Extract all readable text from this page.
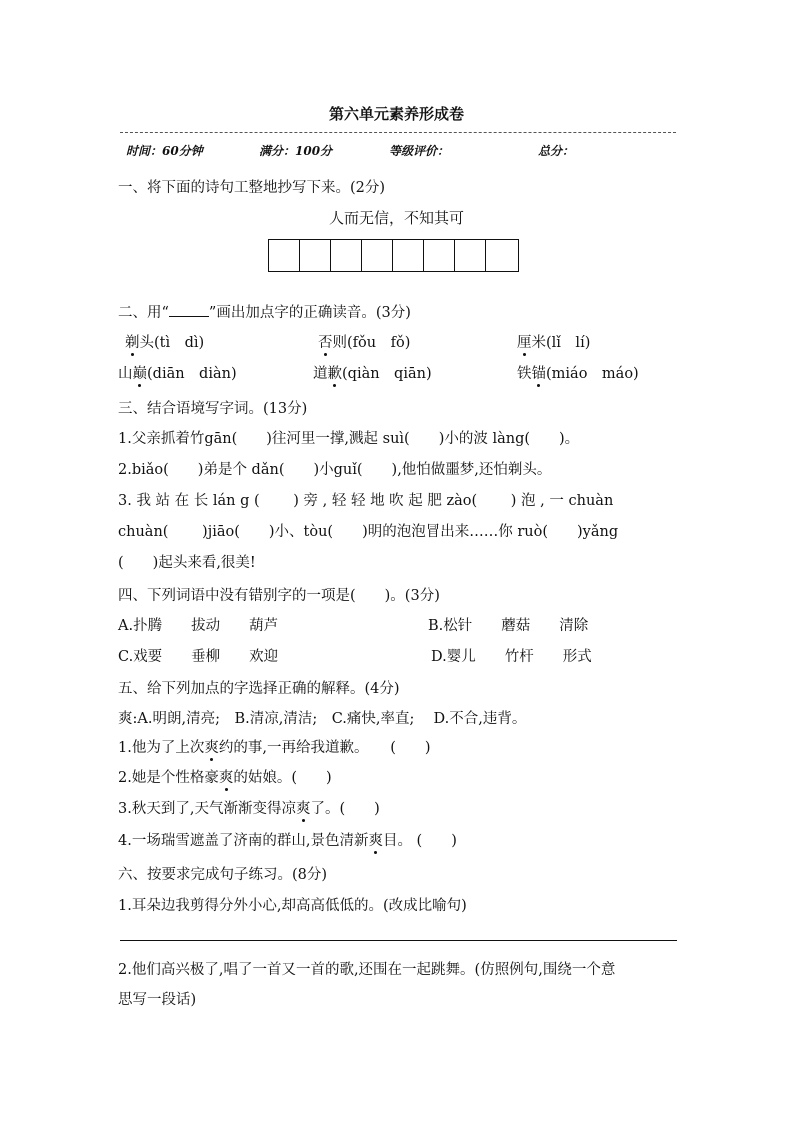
第六单元素养形成卷
时间：60分钟	满分：100分	等级评价：	总分：
一、将下面的诗句工整地抄写下来。(2分)
人而无信，不知其可
二、用“	”画出加点字的正确读音。(3分)
剃头(tì　dì)	否则(fǒu　fǒ)	厘米(lǐ　lí)
山巅(diān　diàn)	道歉(qiàn　qiān)	铁锚(miáo　máo)
三、结合语境写字词。(13分)
1.父亲抓着竹gān(　　)往河里一撑,溅起 suì(　　)小的波 làng(　　)。
2.biǎo(　　)弟是个 dǎn(　　)小guǐ(　　),他怕做噩梦,还怕剃头。
3. 我 站 在 长 lán g (　　 ) 旁 , 轻 轻 地 吹 起 肥 zào(　　 ) 泡 , 一 chuàn
chuàn(　　 )jiāo(　　)小、tòu(　　)明的泡泡冒出来……你 ruò(　　)yǎng
(　　)起头来看,很美!
四、下列词语中没有错别字的一项是(　　)。(3分)
A.扑腾　　拔动　　葫芦	B.松针　　蘑菇　　清除
C.戏要　　垂柳　　欢迎	D.婴儿　　竹杆　　形式
五、给下列加点的字选择正确的解释。(4分)
爽:A.明朗,清亮;　B.清凉,清洁;　C.痛快,率直;　 D.不合,违背。
1.他为了上次爽约的事,一再给我道歉。　　(　　)
2.她是个性格豪爽的姑娘。(　　)
3.秋天到了,天气渐渐变得凉爽了。(　　)
4.一场瑞雪遮盖了济南的群山,景色清新爽目。 (　　)
六、按要求完成句子练习。(8分)
1.耳朵边我剪得分外小心,却高高低低的。(改成比喻句)
2.他们高兴极了,唱了一首又一首的歌,还围在一起跳舞。(仿照例句,围绕一个意
思写一段话)
